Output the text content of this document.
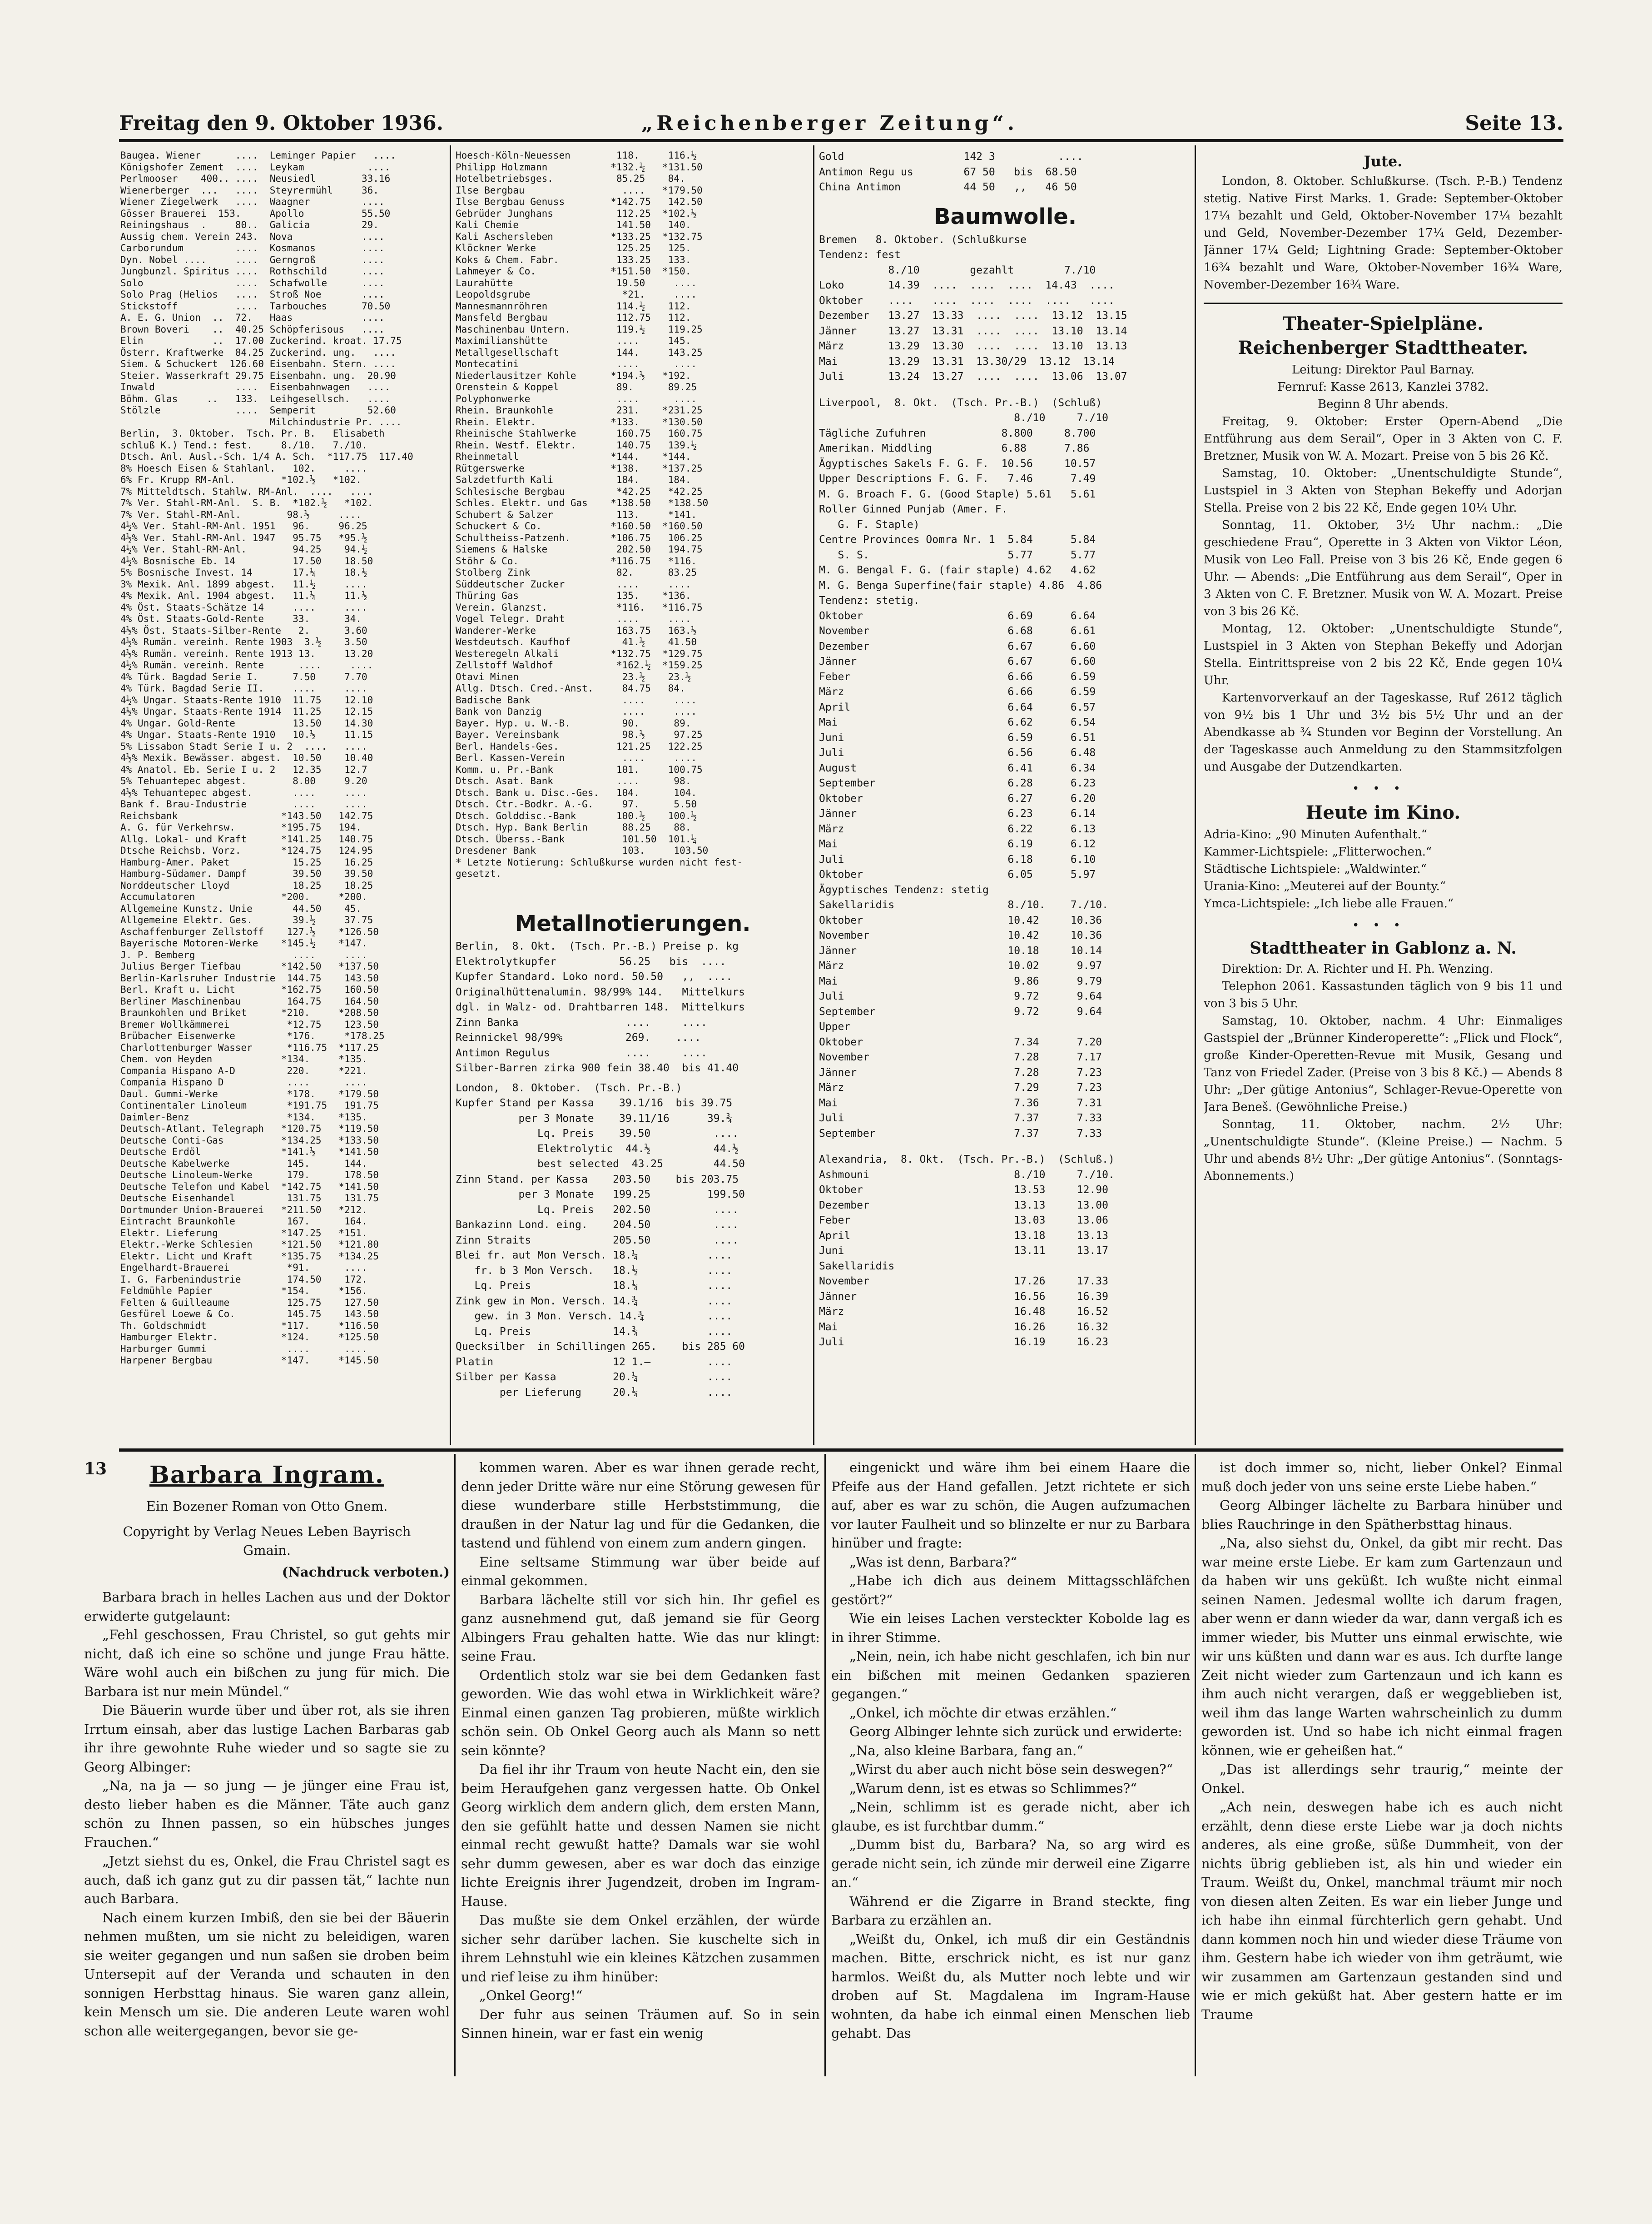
Freitag den 9. Oktober 1936.	„Reichenberger Zeitung“.	Seite 13.
Baugea. Wiener      ....  Leminger Papier   ....
Königshofer Zement  ....  Leykam           ....
Perlmooser    400.. ....  Neusiedl        33.16
Wienerberger  ...   ....  Steyrermühl     36.
Wiener Ziegelwerk   ....  Waagner         ....
Gösser Brauerei  153.     Apollo          55.50
Reiningshaus  .     80..  Galicia         29.
Aussig chem. Verein 243.  Nova            ....
Carborundum         ....  Kosmanos        ....
Dyn. Nobel ....     ....  Gerngroß        ....
Jungbunzl. Spiritus ....  Rothschild      ....
Solo                ....  Schafwolle      ....
Solo Prag (Helios   ....  Stroß Noe       ....
Stickstoff          ....  Tarbouches      70.50
A. E. G. Union  ..  72.   Haas            ....
Brown Boveri    ..  40.25 Schöpferisous   ....
Elin            ..  17.00 Zuckerind. kroat. 17.75
Österr. Kraftwerke  84.25 Zuckerind. ung.   ....
Siem. & Schuckert  126.60 Eisenbahn. Stern. ....
Steier. Wasserkraft 29.75 Eisenbahn. ung.  20.90
Inwald              ....  Eisenbahnwagen   ....
Böhm. Glas     ..   133.  Leihgesellsch.   ....
Stölzle             ....  Semperit         52.60
Milchindustrie Pr. ....
Berlin,  3. Oktober.  Tsch. Pr. B.   Elisabeth
schluß K.) Tend.: fest.     8./10.   7./10.
Dtsch. Anl. Ausl.-Sch. 1/4 A. Sch.  *117.75  117.40
8% Hoesch Eisen & Stahlanl.   102.     ....
6% Fr. Krupp RM-Anl.        *102.½   *102.
7% Mitteldtsch. Stahlw. RM-Anl.  ....   ....
7% Ver. Stahl-RM-Anl.  S. B.  *102.½   *102.
7% Ver. Stahl-RM-Anl.        98.½     ....
4½% Ver. Stahl-RM-Anl. 1951   96.     96.25
4½% Ver. Stahl-RM-Anl. 1947   95.75   *95.½
4½% Ver. Stahl-RM-Anl.        94.25    94.½
4½% Bosnische Eb. 14          17.50    18.50
5% Bosnische Invest. 14       17.¼     18.½
3% Mexik. Anl. 1899 abgest.   11.½     ....
4% Mexik. Anl. 1904 abgest.   11.¼     11.½
4% Öst. Staats-Schätze 14     ....     ....
4% Öst. Staats-Gold-Rente     33.      34.
4½% Öst. Staats-Silber-Rente   2.      3.60
4½% Rumän. vereinh. Rente 1903  3.½    3.50
4½% Rumän. vereinh. Rente 1913 13.     13.20
4½% Rumän. vereinh. Rente      ....     ....
4% Türk. Bagdad Serie I.      7.50     7.70
4% Türk. Bagdad Serie II.     ....     ....
4½% Ungar. Staats-Rente 1910  11.75    12.10
4½% Ungar. Staats-Rente 1914  11.25    12.15
4% Ungar. Gold-Rente          13.50    14.30
4% Ungar. Staats-Rente 1910   10.½     11.15
5% Lissabon Stadt Serie I u. 2  ....   ....
4½% Mexik. Bewässer. abgest.  10.50    10.40
4% Anatol. Eb. Serie I u. 2   12.35    12.7
5% Tehuantepec abgest.        8.00     9.20
4½% Tehuantepec abgest.       ....     ....
Bank f. Brau-Industrie        ....     ....
Reichsbank                  *143.50   142.75
A. G. für Verkehrsw.        *195.75   194.
Allg. Lokal- und Kraft      *141.25   140.75
Dtsche Reichsb. Vorz.       *124.75   124.95
Hamburg-Amer. Paket           15.25    16.25
Hamburg-Südamer. Dampf        39.50    39.50
Norddeutscher Lloyd           18.25    18.25
Accumulatoren               *200.     *200.
Allgemeine Kunstz. Unie       44.50    45.
Allgemeine Elektr. Ges.       39.½     37.75
Aschaffenburger Zellstoff    127.½    *126.50
Bayerische Motoren-Werke    *145.½    *147.
J. P. Bemberg                 ....     ....
Julius Berger Tiefbau       *142.50   *137.50
Berlin-Karlsruher Industrie  144.75    143.50
Berl. Kraft u. Licht        *162.75    160.50
Berliner Maschinenbau        164.75    164.50
Braunkohlen und Briket      *210.     *208.50
Bremer Wollkämmerei          *12.75    123.50
Brübacher Eisenwerke         *176.     *178.25
Charlottenburger Wasser      *116.75  *117.25
Chem. von Heyden            *134.     *135.
Compania Hispano A-D         220.     *221.
Compania Hispano D           ....      ....
Daul. Gummi-Werke            *178.    *179.50
Continentaler Linoleum       *191.75   191.75
Daimler-Benz                 *134.    *135.
Deutsch-Atlant. Telegraph   *120.75   *119.50
Deutsche Conti-Gas          *134.25   *133.50
Deutsche Erdöl              *141.½    *141.50
Deutsche Kabelwerke          145.      144.
Deutsche Linoleum-Werke      179.      178.50
Deutsche Telefon und Kabel  *142.75   *141.50
Deutsche Eisenhandel         131.75    131.75
Dortmunder Union-Brauerei   *211.50   *212.
Eintracht Braunkohle         167.      164.
Elektr. Lieferung           *147.25   *151.
Elektr.-Werke Schlesien     *121.50   *121.80
Elektr. Licht und Kraft     *135.75   *134.25
Engelhardt-Brauerei          *91.      ....
I. G. Farbenindustrie        174.50    172.
Feldmühle Papier            *154.     *156.
Felten & Guilleaume          125.75    127.50
Gesfürel Loewe & Co.         145.75    143.50
Th. Goldschmidt             *117.     *116.50
Hamburger Elektr.           *124.     *125.50
Harburger Gummi              ....      ....
Harpener Bergbau            *147.     *145.50
Hoesch-Köln-Neuessen        118.     116.½
Philipp Holzmann           *132.½   *131.50
Hotelbetriebsges.           85.25    84.
Ilse Bergbau                 ....   *179.50
Ilse Bergbau Genuss        *142.75   142.50
Gebrüder Junghans           112.25  *102.½
Kali Chemie                 141.50   140.
Kali Aschersleben          *133.25  *132.75
Klöckner Werke              125.25   125.
Koks & Chem. Fabr.          133.25   133.
Lahmeyer & Co.             *151.50  *150.
Laurahütte                  19.50     ....
Leopoldsgrube                *21.     ....
Mannesmannröhren            114.½    112.
Mansfeld Bergbau            112.75   112.
Maschinenbau Untern.        119.½    119.25
Maximilianshütte            ....     145.
Metallgesellschaft          144.     143.25
Montecatini                 ....      ....
Niederlausitzer Kohle      *194.½   *192.
Orenstein & Koppel          89.      89.25
Polyphonwerke               ....      ....
Rhein. Braunkohle           231.    *231.25
Rhein. Elektr.             *133.    *130.50
Rheinische Stahlwerke       160.75   160.75
Rhein. Westf. Elektr.       140.75   139.½
Rheinmetall                *144.    *144.
Rütgerswerke               *138.    *137.25
Salzdetfurth Kali           184.     184.
Schlesische Bergbau         *42.25   *42.25
Schles. Elektr. und Gas    *138.50   *138.50
Schubert & Salzer           113.     *141.
Schuckert & Co.            *160.50  *160.50
Schultheiss-Patzenh.       *106.75   106.25
Siemens & Halske            202.50   194.75
Stöhr & Co.                *116.75   *116.
Stolberg Zink               82.      83.25
Süddeutscher Zucker         ....     ....
Thüring Gas                 135.    *136.
Verein. Glanzst.            *116.   *116.75
Vogel Telegr. Draht         ....     ....
Wanderer-Werke              163.75   163.½
Westdeutsch. Kaufhof         41.½    41.50
Westeregeln Alkali         *132.75  *129.75
Zellstoff Waldhof           *162.½  *159.25
Otavi Minen                  23.½    23.½
Allg. Dtsch. Cred.-Anst.     84.75   84.
Badische Bank                ....     ....
Bank von Danzig              ....     ....
Bayer. Hyp. u. W.-B.         90.      89.
Bayer. Vereinsbank           98.½     97.25
Berl. Handels-Ges.          121.25   122.25
Berl. Kassen-Verein          ....     ....
Komm. u. Pr.-Bank           101.     100.75
Dtsch. Asat. Bank           ....      98.
Dtsch. Bank u. Disc.-Ges.   104.      104.
Dtsch. Ctr.-Bodkr. A.-G.     97.      5.50
Dtsch. Golddisc.-Bank       100.½    100.½
Dtsch. Hyp. Bank Berlin      88.25    88.
Dtsch. Überss.-Bank          101.50  101.¼
Dresdener Bank               103.     103.50
* Letzte Notierung: Schlußkurse wurden nicht fest-
gesetzt.
Metallnotierungen.
Berlin,  8. Okt.  (Tsch. Pr.-B.) Preise p. kg
Elektrolytkupfer          56.25   bis  ....
Kupfer Standard. Loko nord. 50.50   ,,  ....
Originalhüttenalumin. 98/99% 144.   Mittelkurs
dgl. in Walz- od. Drahtbarren 148.  Mittelkurs
Zinn Banka                 ....     ....
Reinnickel 98/99%          269.    ....
Antimon Regulus            ....     ....
Silber-Barren zirka 900 fein 38.40  bis 41.40
London,  8. Oktober.  (Tsch. Pr.-B.)
Kupfer Stand per Kassa    39.1/16  bis 39.75
per 3 Monate    39.11/16      39.¾
Lq. Preis    39.50          ....
Elektrolytic  44.½          44.½
best selected  43.25        44.50
Zinn Stand. per Kassa    203.50    bis 203.75
per 3 Monate   199.25         199.50
Lq. Preis   202.50          ....
Bankazinn Lond. eing.    204.50          ....
Zinn Straits             205.50          ....
Blei fr. aut Mon Versch. 18.¼           ....
fr. b 3 Mon Versch.   18.½           ....
Lq. Preis             18.¼           ....
Zink gew in Mon. Versch. 14.¾           ....
gew. in 3 Mon. Versch. 14.¾          ....
Lq. Preis             14.¾           ....
Quecksilber  in Schillingen 265.    bis 285 60
Platin                   12 1.–         ....
Silber per Kassa         20.¼           ....
per Lieferung     20.¼           ....
Gold                   142 3          ....
Antimon Regu us        67 50   bis  68.50
China Antimon          44 50   ,,   46 50
Baumwolle.
Bremen   8. Oktober. (Schlußkurse
Tendenz: fest
8./10        gezahlt        7./10
Loko       14.39  ....  ....  ....  14.43  ....
Oktober    ....   ....  ....  ....  ....   ....
Dezember   13.27  13.33  ....  ....  13.12  13.15
Jänner     13.27  13.31  ....  ....  13.10  13.14
März       13.29  13.30  ....  ....  13.10  13.13
Mai        13.29  13.31  13.30/29  13.12  13.14
Juli       13.24  13.27  ....  ....  13.06  13.07
Liverpool,  8. Okt.  (Tsch. Pr.-B.)  (Schluß)
8./10     7./10
Tägliche Zufuhren            8.800     8.700
Amerikan. Middling           6.88      7.86
Ägyptisches Sakels F. G. F.  10.56     10.57
Upper Descriptions F. G. F.   7.46      7.49
M. G. Broach F. G. (Good Staple) 5.61   5.61
Roller Ginned Punjab (Amer. F.
G. F. Staple)
Centre Provinces Oomra Nr. 1  5.84      5.84
S. S.                      5.77      5.77
M. G. Bengal F. G. (fair staple) 4.62   4.62
M. G. Benga Superfine(fair staple) 4.86  4.86
Tendenz: stetig.
Oktober                       6.69      6.64
November                      6.68      6.61
Dezember                      6.67      6.60
Jänner                        6.67      6.60
Feber                         6.66      6.59
März                          6.66      6.59
April                         6.64      6.57
Mai                           6.62      6.54
Juni                          6.59      6.51
Juli                          6.56      6.48
August                        6.41      6.34
September                     6.28      6.23
Oktober                       6.27      6.20
Jänner                        6.23      6.14
März                          6.22      6.13
Mai                           6.19      6.12
Juli                          6.18      6.10
Oktober                       6.05      5.97
Ägyptisches Tendenz: stetig
Sakellaridis                  8./10.    7./10.
Oktober                       10.42     10.36
November                      10.42     10.36
Jänner                        10.18     10.14
März                          10.02      9.97
Mai                            9.86      9.79
Juli                           9.72      9.64
September                      9.72      9.64
Upper
Oktober                        7.34      7.20
November                       7.28      7.17
Jänner                         7.28      7.23
März                           7.29      7.23
Mai                            7.36      7.31
Juli                           7.37      7.33
September                      7.37      7.33
Alexandria,  8. Okt.  (Tsch. Pr.-B.)  (Schluß.)
Ashmouni                       8./10     7./10.
Oktober                        13.53     12.90
Dezember                       13.13     13.00
Feber                          13.03     13.06
April                          13.18     13.13
Juni                           13.11     13.17
Sakellaridis
November                       17.26     17.33
Jänner                         16.56     16.39
März                           16.48     16.52
Mai                            16.26     16.32
Juli                           16.19     16.23
Jute.

London, 8. Oktober. Schlußkurse. (Tsch. P.-B.) Tendenz stetig. Native First Marks. 1. Grade: September-Oktober 17¼ bezahlt und Geld, Oktober-November 17¼ bezahlt und Geld, November-Dezember 17¼ Geld, Dezember-Jänner 17¼ Geld; Lightning Grade: September-Oktober 16¾ bezahlt und Ware, Oktober-November 16¾ Ware, November-Dezember 16¾ Ware.

Theater-Spielpläne.
Reichenberger Stadttheater.
Leitung: Direktor Paul Barnay.
Fernruf: Kasse 2613, Kanzlei 3782.
Beginn 8 Uhr abends.

Freitag, 9. Oktober: Erster Opern-Abend „Die Entführung aus dem Serail“, Oper in 3 Akten von C. F. Bretzner, Musik von W. A. Mozart. Preise von 5 bis 26 Kč.

Samstag, 10. Oktober: „Unentschuldigte Stunde“, Lustspiel in 3 Akten von Stephan Bekeffy und Adorjan Stella. Preise von 2 bis 22 Kč, Ende gegen 10¼ Uhr.

Sonntag, 11. Oktober, 3½ Uhr nachm.: „Die geschiedene Frau“, Operette in 3 Akten von Viktor Léon, Musik von Leo Fall. Preise von 3 bis 26 Kč, Ende gegen 6 Uhr. — Abends: „Die Entführung aus dem Serail“, Oper in 3 Akten von C. F. Bretzner. Musik von W. A. Mozart. Preise von 3 bis 26 Kč.

Montag, 12. Oktober: „Unentschuldigte Stunde“, Lustspiel in 3 Akten von Stephan Bekeffy und Adorjan Stella. Eintrittspreise von 2 bis 22 Kč, Ende gegen 10¼ Uhr.

Kartenvorverkauf an der Tageskasse, Ruf 2612 täglich von 9½ bis 1 Uhr und 3½ bis 5½ Uhr und an der Abendkasse ab ¾ Stunden vor Beginn der Vorstellung. An der Tageskasse auch Anmeldung zu den Stammsitzfolgen und Ausgabe der Dutzendkarten.

•••
Heute im Kino.

Adria-Kino: „90 Minuten Aufenthalt.“

Kammer-Lichtspiele: „Flitterwochen.“

Städtische Lichtspiele: „Waldwinter.“

Urania-Kino: „Meuterei auf der Bounty.“

Ymca-Lichtspiele: „Ich liebe alle Frauen.“

•••
Stadttheater in Gablonz a. N.

Direktion: Dr. A. Richter und H. Ph. Wenzing.

Telephon 2061. Kassastunden täglich von 9 bis 11 und von 3 bis 5 Uhr.

Samstag, 10. Oktober, nachm. 4 Uhr: Einmaliges Gastspiel der „Brünner Kinderoperette“: „Flick und Flock“, große Kinder-Operetten-Revue mit Musik, Gesang und Tanz von Friedel Zader. (Preise von 3 bis 8 Kč.) — Abends 8 Uhr: „Der gütige Antonius“, Schlager-Revue-Operette von Jara Beneš. (Gewöhnliche Preise.)

Sonntag, 11. Oktober, nachm. 2½ Uhr: „Unentschuldigte Stunde“. (Kleine Preise.) — Nachm. 5 Uhr und abends 8½ Uhr: „Der gütige Antonius“. (Sonntags-Abonnements.)

13	Barbara Ingram.
Ein Bozener Roman von Otto Gnem.
Copyright by Verlag Neues Leben Bayrisch Gmain.
(Nachdruck verboten.)

Barbara brach in helles Lachen aus und der Doktor erwiderte gutgelaunt:

„Fehl geschossen, Frau Christel, so gut gehts mir nicht, daß ich eine so schöne und junge Frau hätte. Wäre wohl auch ein bißchen zu jung für mich. Die Barbara ist nur mein Mündel.“

Die Bäuerin wurde über und über rot, als sie ihren Irrtum einsah, aber das lustige Lachen Barbaras gab ihr ihre gewohnte Ruhe wieder und so sagte sie zu Georg Albinger:

„Na, na ja — so jung — je jünger eine Frau ist, desto lieber haben es die Männer. Täte auch ganz schön zu Ihnen passen, so ein hübsches junges Frauchen.“

„Jetzt siehst du es, Onkel, die Frau Christel sagt es auch, daß ich ganz gut zu dir passen tät,“ lachte nun auch Barbara.

Nach einem kurzen Imbiß, den sie bei der Bäuerin nehmen mußten, um sie nicht zu beleidigen, waren sie weiter gegangen und nun saßen sie droben beim Untersepit auf der Veranda und schauten in den sonnigen Herbsttag hinaus. Sie waren ganz allein, kein Mensch um sie. Die anderen Leute waren wohl schon alle weitergegangen, bevor sie ge-

kommen waren. Aber es war ihnen gerade recht, denn jeder Dritte wäre nur eine Störung gewesen für diese wunderbare stille Herbststimmung, die draußen in der Natur lag und für die Gedanken, die tastend und fühlend von einem zum andern gingen.

Eine seltsame Stimmung war über beide auf einmal gekommen.

Barbara lächelte still vor sich hin. Ihr gefiel es ganz ausnehmend gut, daß jemand sie für Georg Albingers Frau gehalten hatte. Wie das nur klingt: seine Frau.

Ordentlich stolz war sie bei dem Gedanken fast geworden. Wie das wohl etwa in Wirklichkeit wäre? Einmal einen ganzen Tag probieren, müßte wirklich schön sein. Ob Onkel Georg auch als Mann so nett sein könnte?

Da fiel ihr ihr Traum von heute Nacht ein, den sie beim Heraufgehen ganz vergessen hatte. Ob Onkel Georg wirklich dem andern glich, dem ersten Mann, den sie gefühlt hatte und dessen Namen sie nicht einmal recht gewußt hatte? Damals war sie wohl sehr dumm gewesen, aber es war doch das einzige lichte Ereignis ihrer Jugendzeit, droben im Ingram-Hause.

Das mußte sie dem Onkel erzählen, der würde sicher sehr darüber lachen. Sie kuschelte sich in ihrem Lehnstuhl wie ein kleines Kätzchen zusammen und rief leise zu ihm hinüber:

„Onkel Georg!“

Der fuhr aus seinen Träumen auf. So in sein Sinnen hinein, war er fast ein wenig

eingenickt und wäre ihm bei einem Haare die Pfeife aus der Hand gefallen. Jetzt richtete er sich auf, aber es war zu schön, die Augen aufzumachen vor lauter Faulheit und so blinzelte er nur zu Barbara hinüber und fragte:

„Was ist denn, Barbara?“

„Habe ich dich aus deinem Mittagsschläfchen gestört?“

Wie ein leises Lachen versteckter Kobolde lag es in ihrer Stimme.

„Nein, nein, ich habe nicht geschlafen, ich bin nur ein bißchen mit meinen Gedanken spazieren gegangen.“

„Onkel, ich möchte dir etwas erzählen.“

Georg Albinger lehnte sich zurück und erwiderte:

„Na, also kleine Barbara, fang an.“

„Wirst du aber auch nicht böse sein deswegen?“

„Warum denn, ist es etwas so Schlimmes?“

„Nein, schlimm ist es gerade nicht, aber ich glaube, es ist furchtbar dumm.“

„Dumm bist du, Barbara? Na, so arg wird es gerade nicht sein, ich zünde mir derweil eine Zigarre an.“

Während er die Zigarre in Brand steckte, fing Barbara zu erzählen an.

„Weißt du, Onkel, ich muß dir ein Geständnis machen. Bitte, erschrick nicht, es ist nur ganz harmlos. Weißt du, als Mutter noch lebte und wir droben auf St. Magdalena im Ingram-Hause wohnten, da habe ich einmal einen Menschen lieb gehabt. Das

ist doch immer so, nicht, lieber Onkel? Einmal muß doch jeder von uns seine erste Liebe haben.“

Georg Albinger lächelte zu Barbara hinüber und blies Rauchringe in den Spätherbsttag hinaus.

„Na, also siehst du, Onkel, da gibt mir recht. Das war meine erste Liebe. Er kam zum Gartenzaun und da haben wir uns geküßt. Ich wußte nicht einmal seinen Namen. Jedesmal wollte ich darum fragen, aber wenn er dann wieder da war, dann vergaß ich es immer wieder, bis Mutter uns einmal erwischte, wie wir uns küßten und dann war es aus. Ich durfte lange Zeit nicht wieder zum Gartenzaun und ich kann es ihm auch nicht verargen, daß er weggeblieben ist, weil ihm das lange Warten wahrscheinlich zu dumm geworden ist. Und so habe ich nicht einmal fragen können, wie er geheißen hat.“

„Das ist allerdings sehr traurig,“ meinte der Onkel.

„Ach nein, deswegen habe ich es auch nicht erzählt, denn diese erste Liebe war ja doch nichts anderes, als eine große, süße Dummheit, von der nichts übrig geblieben ist, als hin und wieder ein Traum. Weißt du, Onkel, manchmal träumt mir noch von diesen alten Zeiten. Es war ein lieber Junge und ich habe ihn einmal fürchterlich gern gehabt. Und dann kommen noch hin und wieder diese Träume von ihm. Gestern habe ich wieder von ihm geträumt, wie wir zusammen am Gartenzaun gestanden sind und wie er mich geküßt hat. Aber gestern hatte er im Traume
